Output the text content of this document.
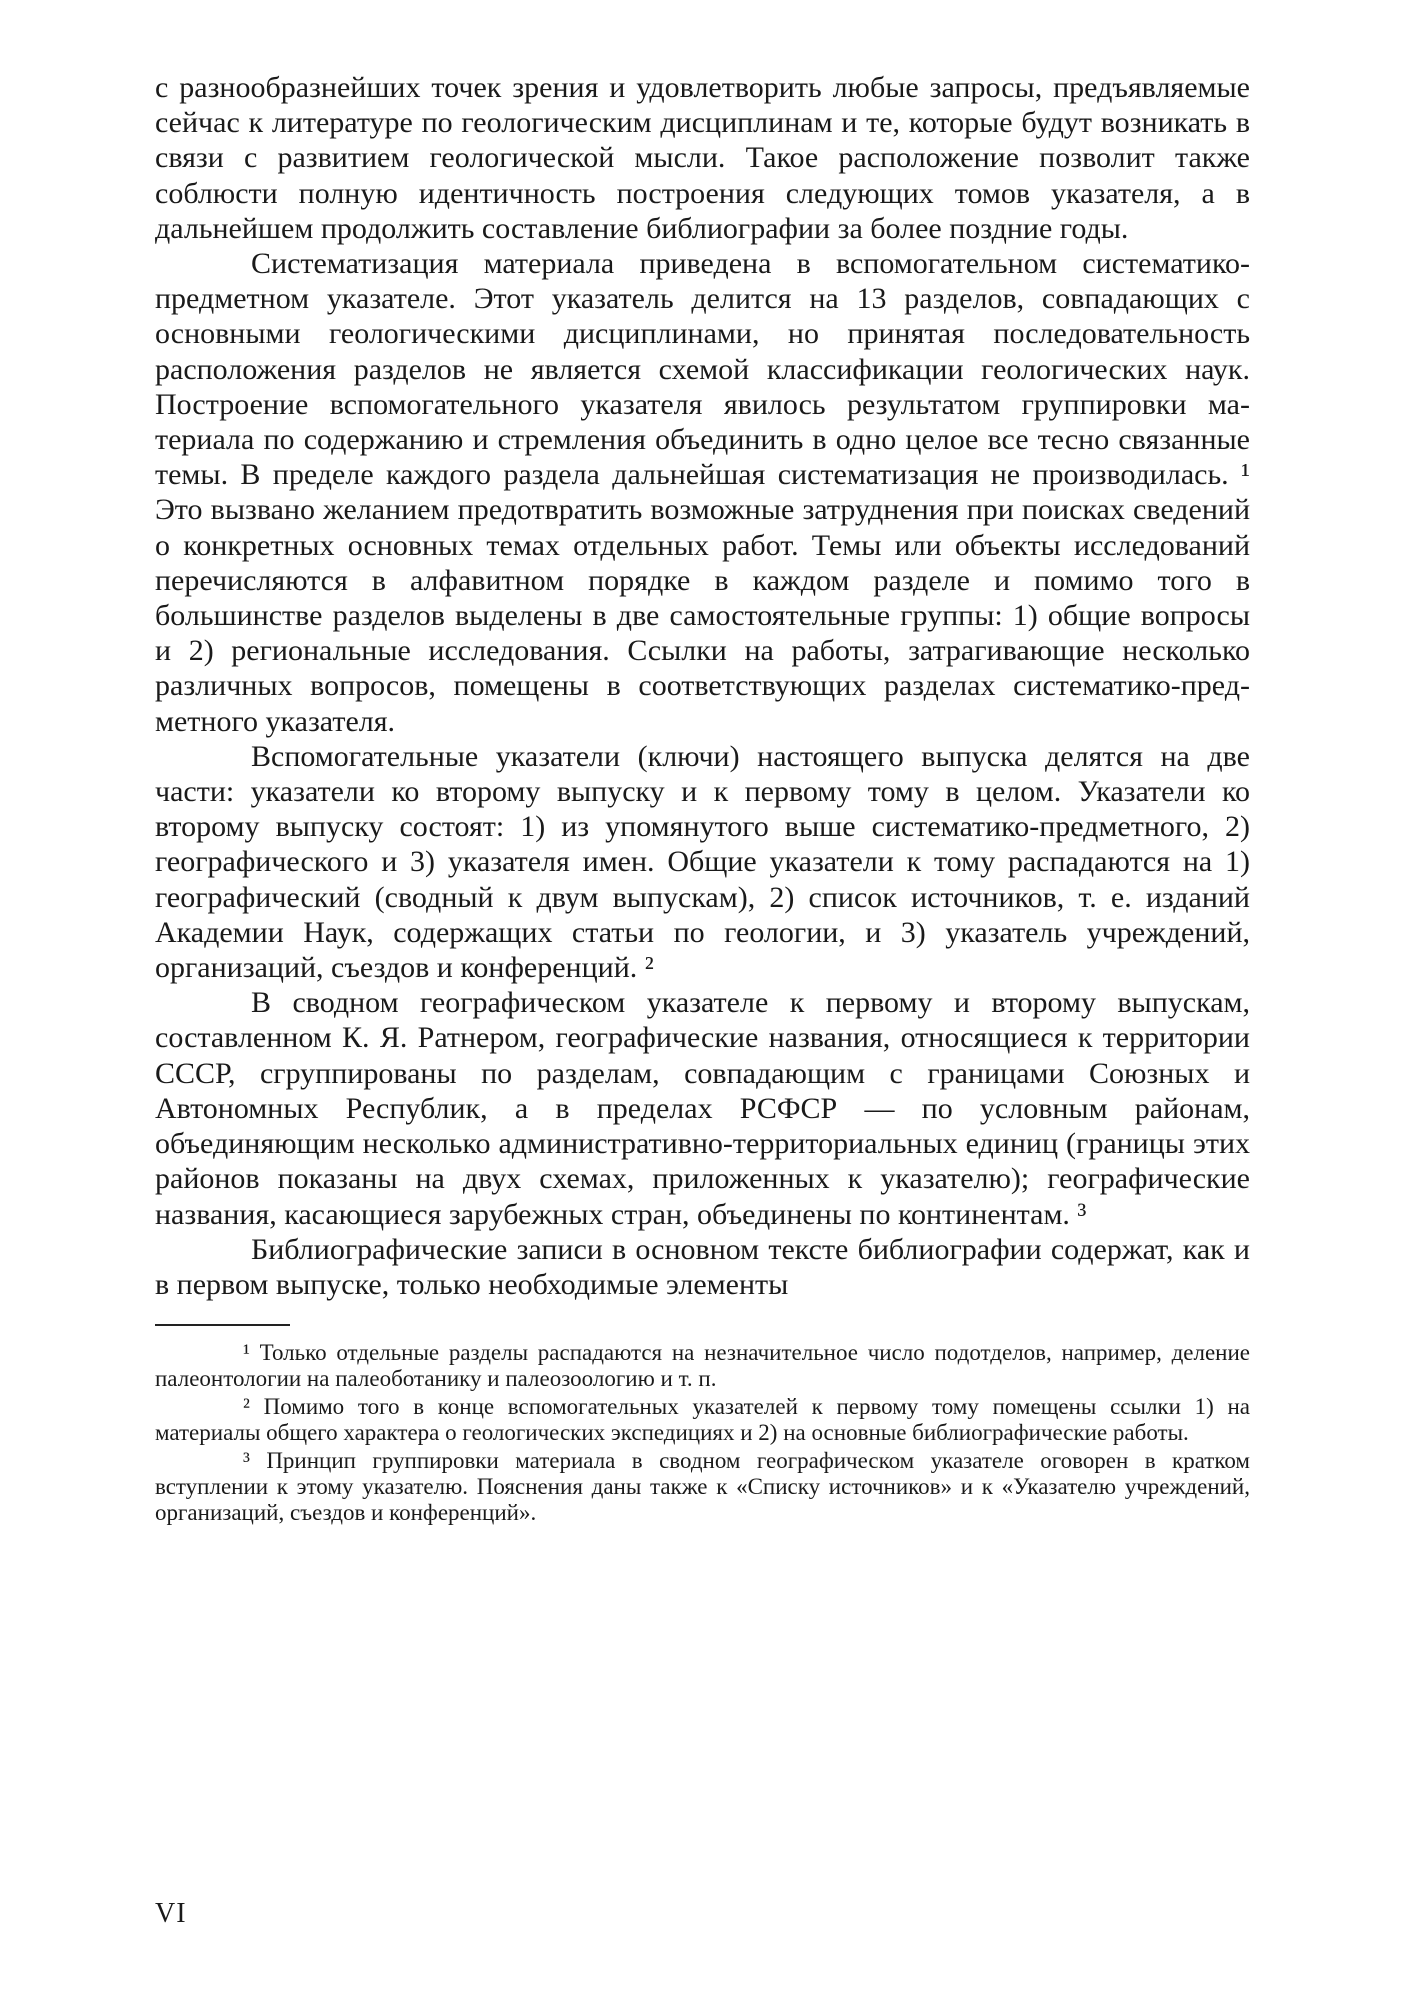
с разнообразнейших точек зрения и удовлетворить любые запросы, предъявляемые сейчас к литературе по геологическим дисциплинам и те, которые будут возникать в связи с развитием геологической мысли. Такое расположение позволит также соблюсти полную идентичность построения следующих томов указателя, а в дальнейшем продолжить составление библиографии за более поздние годы.

Систематизация материала приведена в вспомогательном систематико-предметном указателе. Этот указатель делится на 13 разделов, совпадающих с основными геологическими дисциплинами, но принятая последовательность расположения разделов не является схемой классификации геологических наук. Построение вспомогательного указателя явилось результатом группировки материала по содержанию и стремления объединить в одно целое все тесно связанные темы. В пределе каждого раздела дальнейшая систематизация не производилась. ¹ Это вызвано желанием предотвратить возможные затруднения при поисках сведений о конкретных основных темах отдельных работ. Темы или объекты исследований перечисляются в алфавитном порядке в каждом разделе и помимо того в большинстве разделов выделены в две самостоятельные группы: 1) общие вопросы и 2) региональные исследования. Ссылки на работы, затрагивающие несколько различных вопросов, помещены в соответствующих разделах систематико-предметного указателя.

Вспомогательные указатели (ключи) настоящего выпуска делятся на две части: указатели ко второму выпуску и к первому тому в целом. Указатели ко второму выпуску состоят: 1) из упомянутого выше систематико-предметного, 2) географического и 3) указателя имен. Общие указатели к тому распадаются на 1) географический (сводный к двум выпускам), 2) список источников, т. е. изданий Академии Наук, содержащих статьи по геологии, и 3) указатель учреждений, организаций, съездов и конференций. ²

В сводном географическом указателе к первому и второму выпускам, составленном К. Я. Ратнером, географические названия, относящиеся к территории СССР, сгруппированы по разделам, совпадающим с границами Союзных и Автономных Республик, а в пределах РСФСР — по условным районам, объединяющим несколько административно-территориальных единиц (границы этих районов показаны на двух схемах, приложенных к указателю); географические названия, касающиеся зарубежных стран, объединены по континентам. ³

Библиографические записи в основном тексте библиографии содержат, как и в первом выпуске, только необходимые элементы

¹ Только отдельные разделы распадаются на незначительное число подотделов, например, деление палеонтологии на палеоботанику и палеозоологию и т. п.

² Помимо того в конце вспомогательных указателей к первому тому помещены ссылки 1) на материалы общего характера о геологических экспедициях и 2) на основные библиографические работы.

³ Принцип группировки материала в сводном географическом указателе оговорен в кратком вступлении к этому указателю. Пояснения даны также к «Списку источников» и к «Указателю учреждений, организаций, съездов и конференций».

VI
